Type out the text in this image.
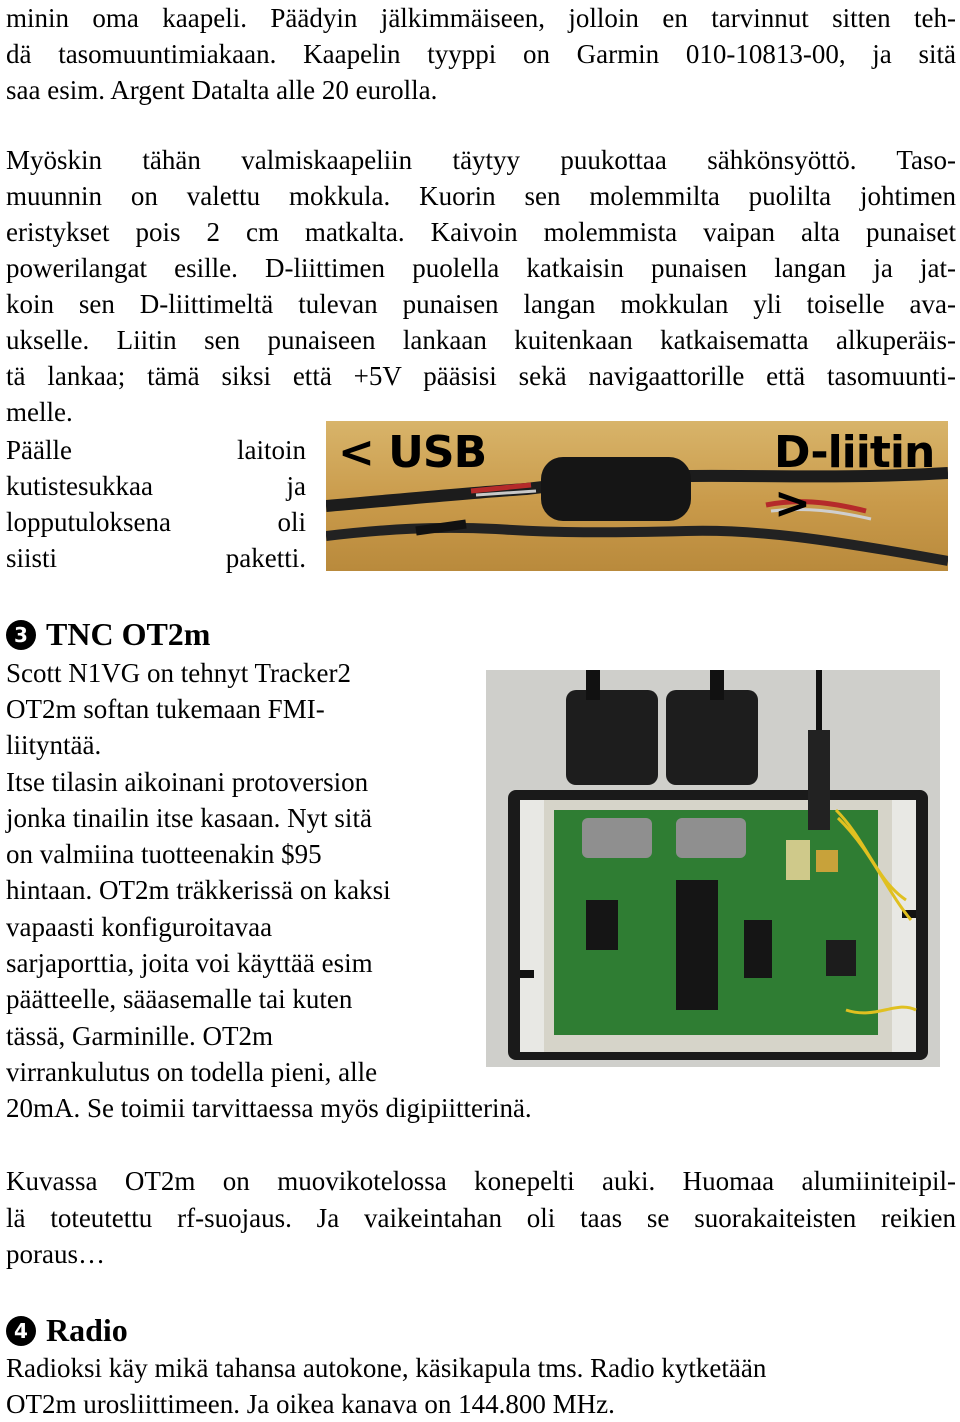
minin oma kaapeli. Päädyin jälkimmäiseen, jolloin en tarvinnut sitten teh-
dä tasomuuntimiakaan. Kaapelin tyyppi on Garmin 010-10813-00, ja sitä
saa esim. Argent Datalta alle 20 eurolla.
Myöskin tähän valmiskaapeliin täytyy puukottaa sähkönsyöttö. Taso-
muunnin on valettu mokkula. Kuorin sen molemmilta puolilta johtimen
eristykset pois 2 cm matkalta. Kaivoin molemmista vaipan alta punaiset
powerilangat esille. D-liittimen puolella katkaisin punaisen langan ja jat-
koin sen D-liittimeltä tulevan punaisen langan mokkulan yli toiselle ava-
ukselle. Liitin sen punaiseen lankaan kuitenkaan katkaisematta alkuperäis-
tä lankaa; tämä siksi että +5V pääsisi sekä navigaattorille että tasomuunti-
melle.
Päälle	laitoin
kutistesukkaa	ja
lopputuloksena	oli
siisti	paketti.
< USB	D-liitin >
3 TNC OT2m
Scott N1VG on tehnyt Tracker2
OT2m softan tukemaan FMI-
liityntää.
Itse tilasin aikoinani protoversion
jonka tinailin itse kasaan. Nyt sitä
on valmiina tuotteenakin $95
hintaan. OT2m träkkerissä on kaksi
vapaasti konfiguroitavaa
sarjaporttia, joita voi käyttää esim
päätteelle, sääasemalle tai kuten
tässä, Garminille. OT2m
virrankulutus on todella pieni, alle
20mA. Se toimii tarvittaessa myös digipiitterinä.
Kuvassa OT2m on muovikotelossa konepelti auki. Huomaa alumiiniteipil-
lä toteutettu rf-suojaus. Ja vaikeintahan oli taas se suorakaiteisten reikien
poraus…
4 Radio
Radioksi käy mikä tahansa autokone, käsikapula tms. Radio kytketään
OT2m urosliittimeen. Ja oikea kanava on 144.800 MHz.
